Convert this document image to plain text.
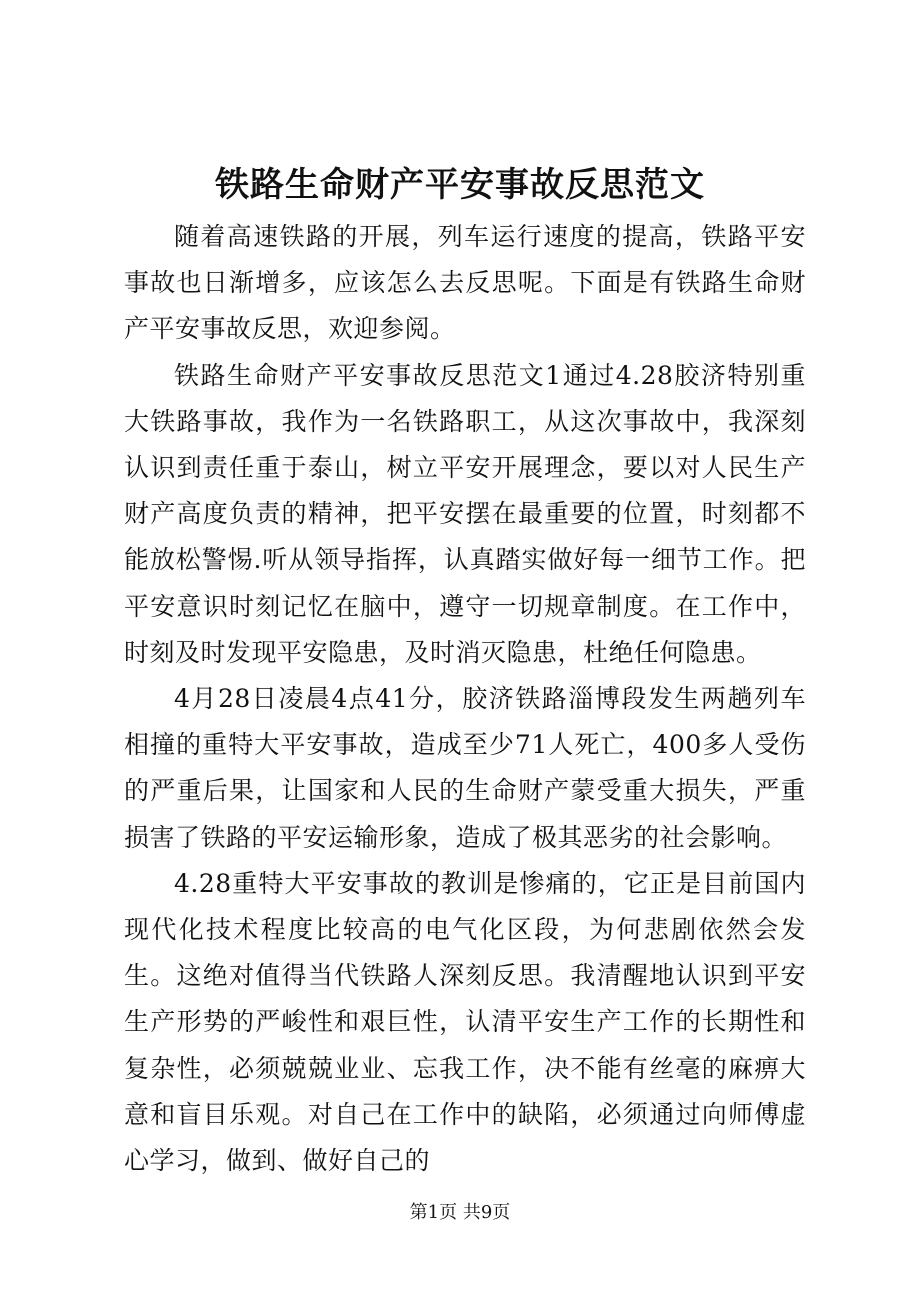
铁路生命财产平安事故反思范文

随着高速铁路的开展，列车运行速度的提高，铁路平安事故也日渐增多，应该怎么去反思呢。下面是有铁路生命财产平安事故反思，欢迎参阅。

铁路生命财产平安事故反思范文1通过4.28胶济特别重大铁路事故，我作为一名铁路职工，从这次事故中，我深刻认识到责任重于泰山，树立平安开展理念，要以对人民生产财产高度负责的精神，把平安摆在最重要的位置，时刻都不能放松警惕.听从领导指挥，认真踏实做好每一细节工作。把平安意识时刻记忆在脑中，遵守一切规章制度。在工作中，时刻及时发现平安隐患，及时消灭隐患，杜绝任何隐患。

4月28日凌晨4点41分，胶济铁路淄博段发生两趟列车相撞的重特大平安事故，造成至少71人死亡，400多人受伤的严重后果，让国家和人民的生命财产蒙受重大损失，严重损害了铁路的平安运输形象，造成了极其恶劣的社会影响。

4.28重特大平安事故的教训是惨痛的，它正是目前国内现代化技术程度比较高的电气化区段，为何悲剧依然会发生。这绝对值得当代铁路人深刻反思。我清醒地认识到平安生产形势的严峻性和艰巨性，认清平安生产工作的长期性和复杂性，必须兢兢业业、忘我工作，决不能有丝毫的麻痹大意和盲目乐观。对自己在工作中的缺陷，必须通过向师傅虚心学习，做到、做好自己的

第1页 共9页
